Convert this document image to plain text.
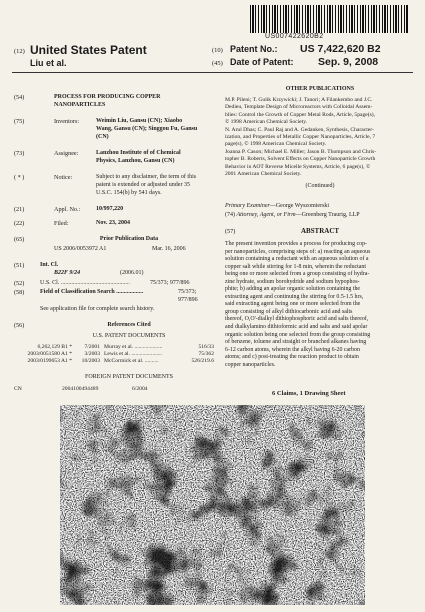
US007422620B2
(12) United States Patent
Liu et al.
(10) Patent No.: US 7,422,620 B2
(45) Date of Patent: Sep. 9, 2008
(54)	PROCESS FOR PRODUCING COPPER NANOPARTICLES
(75)	Inventors:	Weimin Liu, Gansu (CN); Xiaobo
Wang, Gansu (CN); Singgou Fu, Gansu
(CN)
(73)	Assignee:	Lanzhou Institute of of Chemical
Physics, Lanzhou, Gansu (CN)
( * )	Notice:	Subject to any disclaimer, the term of this
patent is extended or adjusted under 35
U.S.C. 154(b) by 541 days.
(21)	Appl. No.:	10/997,220
(22)	Filed:	Nov. 23, 2004
(65)	Prior Publication Data
US 2006/0053972 A1	Mar. 16, 2006
(51)	Int. Cl.
B22F 9/24	(2006.01)
(52)	U.S. Cl. ..............................................	75/373; 977/896
(58)	Field of Classification Search ..................	75/373;
977/896
See application file for complete search history.
(56)	References Cited
U.S. PATENT DOCUMENTS
6,262,129 B1 *	7/2001 Murray et al. ....................	516/33
2003/0051580 A1 *	3/2003 Lewis et al. ......................	75/362
2003/0199653 A1 *	10/2003 McCormick et al. ..........	526/219.6
FOREIGN PATENT DOCUMENTS
CN	2004100494489	6/2004
OTHER PUBLICATIONS
M.P. Pileni; T. Gulik Krzywicki; J. Tanori; A Filankembo and J.C.
Dedieu, Template Design of Microreactors with Colloidal Assem-
blies: Control the Growth of Copper Metal Rods, Article, 5page(s),
© 1998 American Chemical Society.
N. Arul Dhas; C. Paul Raj and A. Gedanken, Synthesis, Character-
ization, and Properties of Metallic Copper Nanoparticles, Article, 7
page(s), © 1998 American Chemical Society.
Joanna P. Cason; Michael E. Miller; Jason B. Thompson and Chris-
topher B. Roberts, Solvent Effects on Copper Nanoparticle Growth
Behavior in AOT Reverse Micelle Systems, Article, 6 page(s), ©
2001 American Chemical Society.
(Continued)
Primary Examiner—George Wyszomierski
(74) Attorney, Agent, or Firm—Greenberg Traurig, LLP
(57)	ABSTRACT
The present invention provides a process for producing cop-
per nanoparticles, comprising steps of: a) reacting an aqueous
solution containing a reductant with an aqueous solution of a
copper salt while stirring for 1-8 min, wherein the reductant
being one or more selected from a group consisting of hydra-
zine hydrate, sodium borohydride and sodium hypophos-
phite; b) adding an apolar organic solution containing the
extracting agent and continuing the stirring for 0.5-1.5 hrs,
said extracting agent being one or more selected from the
group consisting of alkyl dithiocarbonic acid and salts
thereof, O,O'-dialkyl dithiophosphoric acid and salts thereof,
and dialkylamino dithioformic acid and salts and said apolar
organic solution being one selected from the group consisting
of benzene, toluene and straight or branched alkanes having
6-12 carbon atoms, wherein the alkyl having 6-20 carbon
atoms; and c) post-treating the reaction product to obtain
copper nanoparticles.
6 Claims, 1 Drawing Sheet
